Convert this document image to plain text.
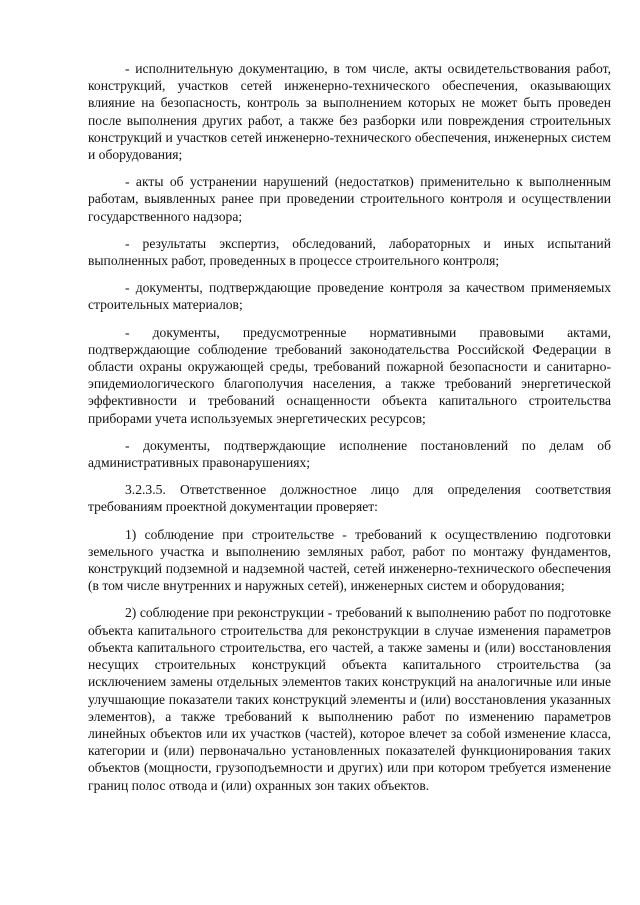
- исполнительную документацию, в том числе, акты освидетельствования работ, конструкций, участков сетей инженерно-технического обеспечения, оказывающих влияние на безопасность, контроль за выполнением которых не может быть проведен после выполнения других работ, а также без разборки или повреждения строительных конструкций и участков сетей инженерно-технического обеспечения, инженерных систем и оборудования;

- акты об устранении нарушений (недостатков) применительно к выполненным работам, выявленных ранее при проведении строительного контроля и осуществлении государственного надзора;

- результаты экспертиз, обследований, лабораторных и иных испытаний выполненных работ, проведенных в процессе строительного контроля;

- документы, подтверждающие проведение контроля за качеством применяемых строительных материалов;

- документы, предусмотренные нормативными правовыми актами, подтверждающие соблюдение требований законодательства Российской Федерации в области охраны окружающей среды, требований пожарной безопасности и санитарно-эпидемиологического благополучия населения, а также требований энергетической эффективности и требований оснащенности объекта капитального строительства приборами учета используемых энергетических ресурсов;

- документы, подтверждающие исполнение постановлений по делам об административных правонарушениях;

3.2.3.5. Ответственное должностное лицо для определения соответствия требованиям проектной документации проверяет:

1) соблюдение при строительстве - требований к осуществлению подготовки земельного участка и выполнению земляных работ, работ по монтажу фундаментов, конструкций подземной и надземной частей, сетей инженерно-технического обеспечения (в том числе внутренних и наружных сетей), инженерных систем и оборудования;

2) соблюдение при реконструкции - требований к выполнению работ по подготовке объекта капитального строительства для реконструкции в случае изменения параметров объекта капитального строительства, его частей, а также замены и (или) восстановления несущих строительных конструкций объекта капитального строительства (за исключением замены отдельных элементов таких конструкций на аналогичные или иные улучшающие показатели таких конструкций элементы и (или) восстановления указанных элементов), а также требований к выполнению работ по изменению параметров линейных объектов или их участков (частей), которое влечет за собой изменение класса, категории и (или) первоначально установленных показателей функционирования таких объектов (мощности, грузоподъемности и других) или при котором требуется изменение границ полос отвода и (или) охранных зон таких объектов.
